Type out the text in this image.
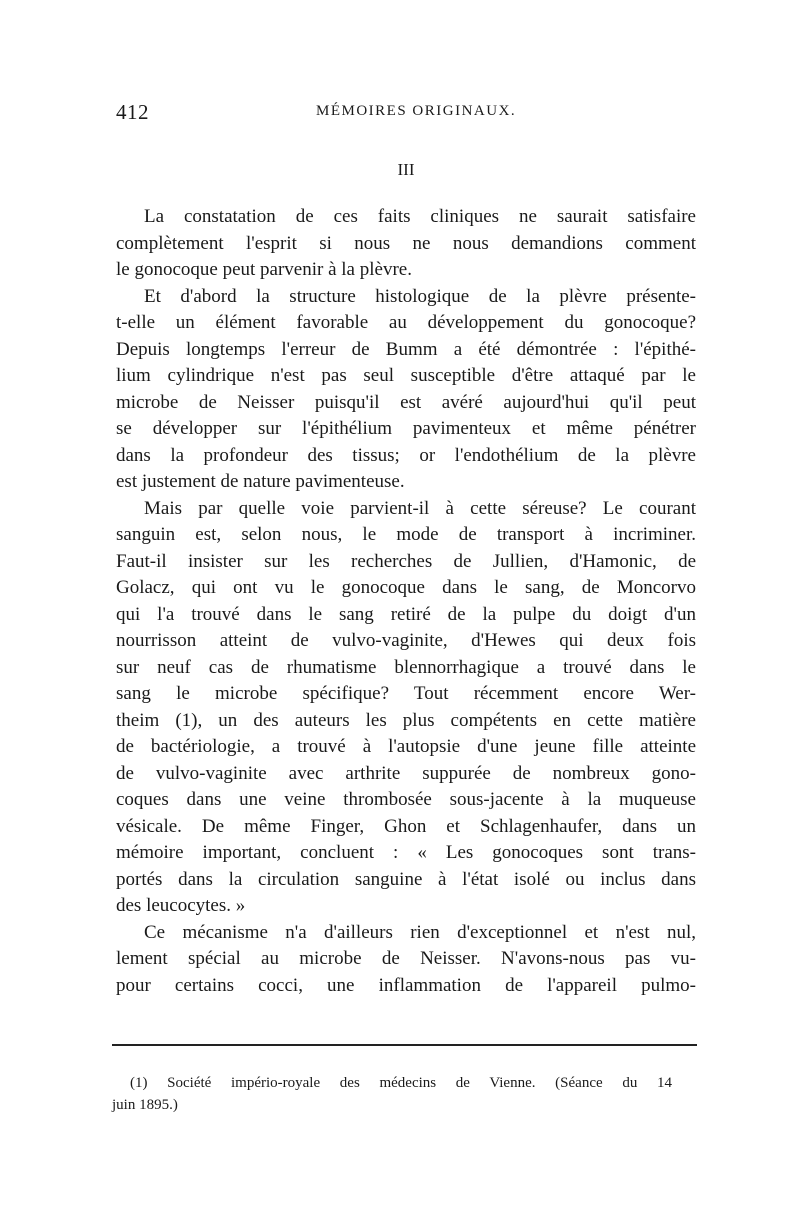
412	MÉMOIRES ORIGINAUX.
III
La constatation de ces faits cliniques ne saurait satisfaire
complètement l'esprit si nous ne nous demandions comment
le gonocoque peut parvenir à la plèvre.
Et d'abord la structure histologique de la plèvre présente-
t-elle un élément favorable au développement du gonocoque?
Depuis longtemps l'erreur de Bumm a été démontrée : l'épithé-
lium cylindrique n'est pas seul susceptible d'être attaqué par le
microbe de Neisser puisqu'il est avéré aujourd'hui qu'il peut
se développer sur l'épithélium pavimenteux et même pénétrer
dans la profondeur des tissus; or l'endothélium de la plèvre
est justement de nature pavimenteuse.
Mais par quelle voie parvient-il à cette séreuse? Le courant
sanguin est, selon nous, le mode de transport à incriminer.
Faut-il insister sur les recherches de Jullien, d'Hamonic, de
Golacz, qui ont vu le gonocoque dans le sang, de Moncorvo
qui l'a trouvé dans le sang retiré de la pulpe du doigt d'un
nourrisson atteint de vulvo-vaginite, d'Hewes qui deux fois
sur neuf cas de rhumatisme blennorrhagique a trouvé dans le
sang le microbe spécifique? Tout récemment encore Wer-
theim (1), un des auteurs les plus compétents en cette matière
de bactériologie, a trouvé à l'autopsie d'une jeune fille atteinte
de vulvo-vaginite avec arthrite suppurée de nombreux gono-
coques dans une veine thrombosée sous-jacente à la muqueuse
vésicale. De même Finger, Ghon et Schlagenhaufer, dans un
mémoire important, concluent : « Les gonocoques sont trans-
portés dans la circulation sanguine à l'état isolé ou inclus dans
des leucocytes. »
Ce mécanisme n'a d'ailleurs rien d'exceptionnel et n'est nul,
lement spécial au microbe de Neisser. N'avons-nous pas vu-
pour certains cocci, une inflammation de l'appareil pulmo-
(1) Société império-royale des médecins de Vienne. (Séance du 14
juin 1895.)
